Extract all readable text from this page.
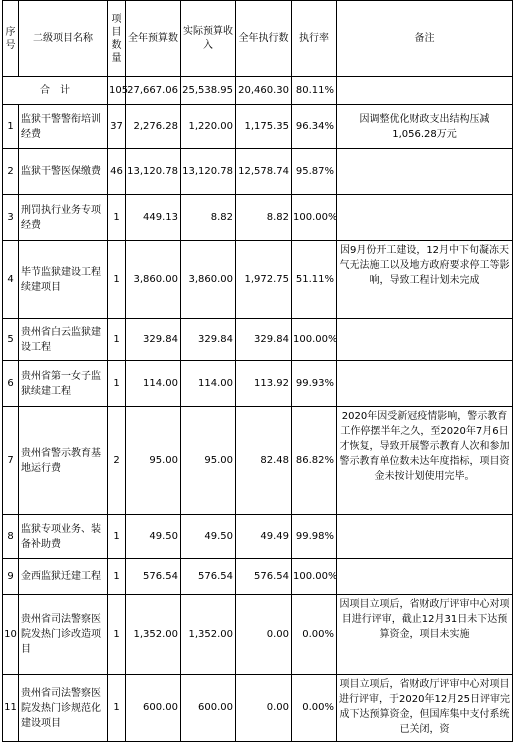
序号	二级项目名称	项目数量	全年预算数	实际预算收入	全年执行数	执行率	备注
合　计		105	27,667.06	25,538.95	20,460.30	80.11%	
1	监狱干警警衔培训经费	37	2,276.28	1,220.00	1,175.35	96.34%	因调整优化财政支出结构压减1,056.28万元
2	监狱干警医保缴费	46	13,120.78	13,120.78	12,578.74	95.87%	
3	刑罚执行业务专项经费	1	449.13	8.82	8.82	100.00%	
4	毕节监狱建设工程续建项目	1	3,860.00	3,860.00	1,972.75	51.11%	因9月份开工建设，12月中下旬凝冻天气无法施工以及地方政府要求停工等影响，导致工程计划未完成
5	贵州省白云监狱建设工程	1	329.84	329.84	329.84	100.00%	
6	贵州省第一女子监狱续建工程	1	114.00	114.00	113.92	99.93%	
7	贵州省警示教育基地运行费	2	95.00	95.00	82.48	86.82%	2020年因受新冠疫情影响，警示教育工作停摆半年之久，至2020年7月6日才恢复，导致开展警示教育人次和参加警示教育单位数未达年度指标，项目资金未按计划使用完毕。
8	监狱专项业务、装备补助费	1	49.50	49.50	49.49	99.98%	
9	金西监狱迁建工程	1	576.54	576.54	576.54	100.00%	
10	贵州省司法警察医院发热门诊改造项目	1	1,352.00	1,352.00	0.00	0.00%	因项目立项后，省财政厅评审中心对项目进行评审，截止12月31日未下达预算资金，项目未实施
11	贵州省司法警察医院发热门诊规范化建设项目	1	600.00	600.00	0.00	0.00%	项目立项后，省财政厅评审中心对项目进行评审，于2020年12月25日评审完成下达预算资金，但国库集中支付系统已关闭，资
